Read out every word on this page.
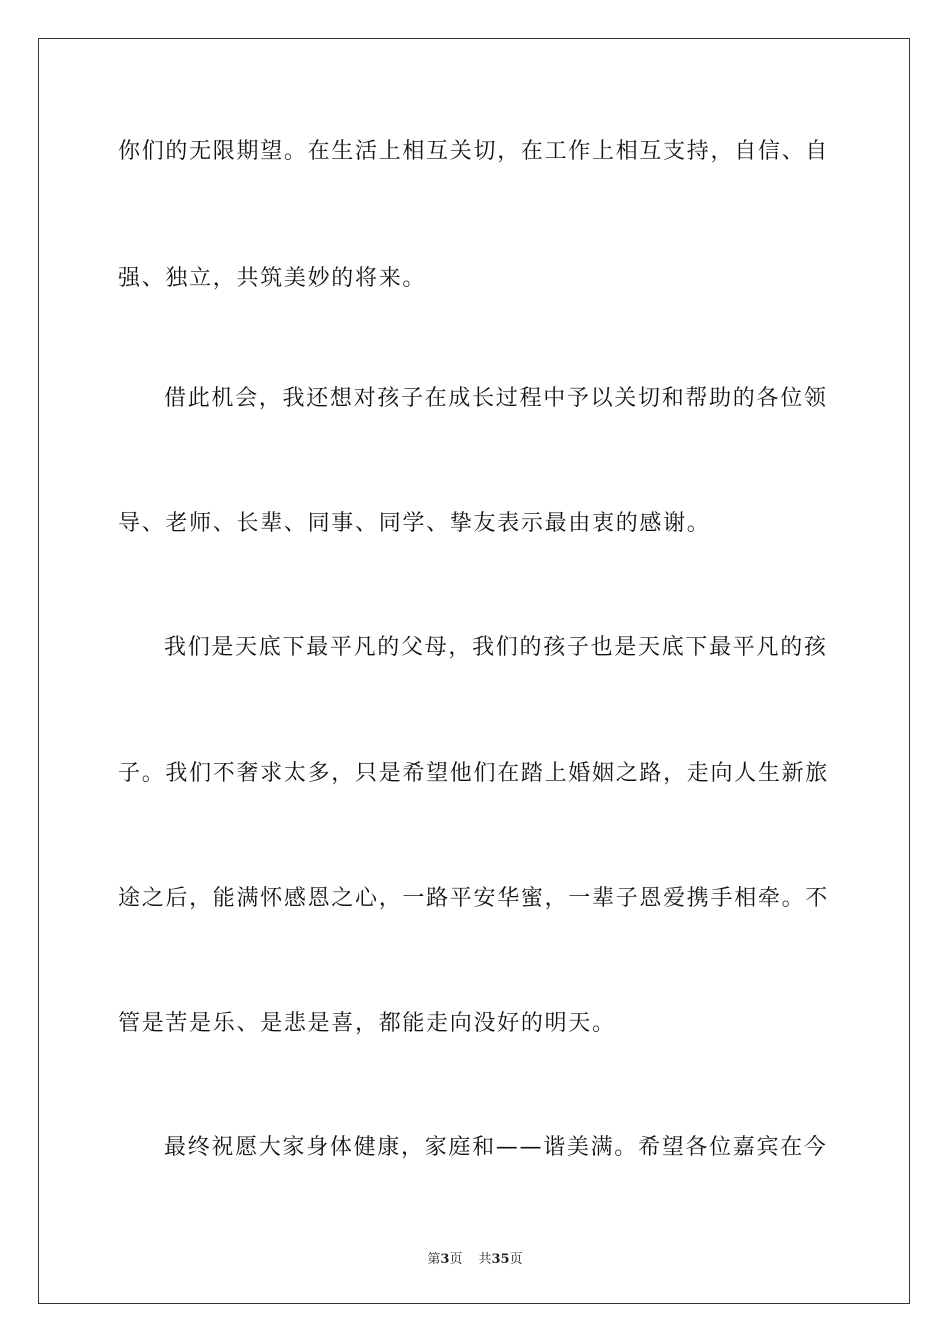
你们的无限期望。在生活上相互关切，在工作上相互支持，自信、自
强、独立，共筑美妙的将来。
借此机会，我还想对孩子在成长过程中予以关切和帮助的各位领
导、老师、长辈、同事、同学、挚友表示最由衷的感谢。
我们是天底下最平凡的父母，我们的孩子也是天底下最平凡的孩
子。我们不奢求太多，只是希望他们在踏上婚姻之路，走向人生新旅
途之后，能满怀感恩之心，一路平安华蜜，一辈子恩爱携手相牵。不
管是苦是乐、是悲是喜，都能走向没好的明天。
最终祝愿大家身体健康，家庭和——谐美满。希望各位嘉宾在今
第3页 共35页
